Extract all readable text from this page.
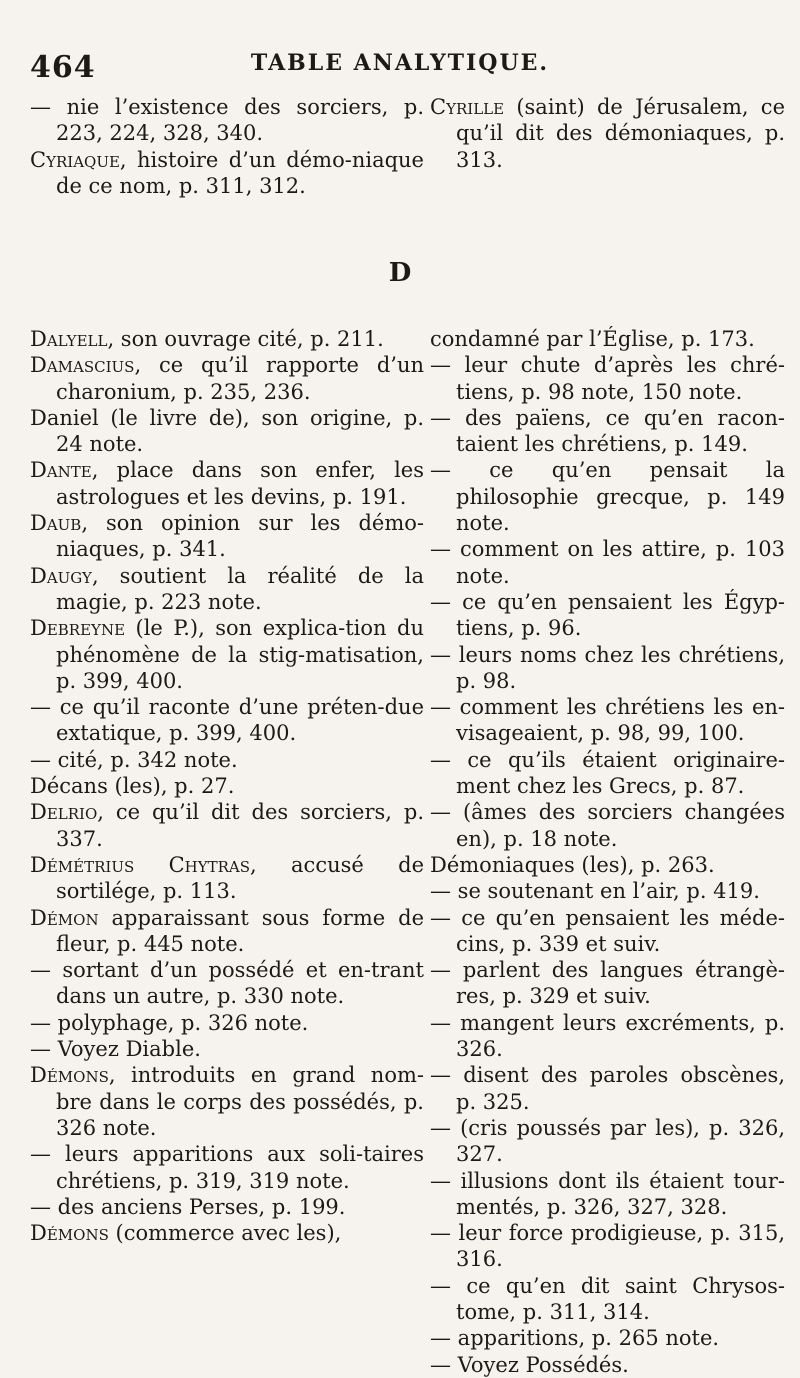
464	TABLE ANALYTIQUE.
— nie l’existence des sorciers, p. 223, 224, 328, 340.
Cyriaque, histoire d’un démo-niaque de ce nom, p. 311, 312.
Cyrille (saint) de Jérusalem, ce qu’il dit des démoniaques, p. 313.
D
Dalyell, son ouvrage cité, p. 211.
Damascius, ce qu’il rapporte d’un charonium, p. 235, 236.
Daniel (le livre de), son origine, p. 24 note.
Dante, place dans son enfer, les astrologues et les devins, p. 191.
Daub, son opinion sur les démo-niaques, p. 341.
Daugy, soutient la réalité de la magie, p. 223 note.
Debreyne (le P.), son explica-tion du phénomène de la stig-matisation, p. 399, 400.
— ce qu’il raconte d’une préten-due extatique, p. 399, 400.
— cité, p. 342 note.
Décans (les), p. 27.
Delrio, ce qu’il dit des sorciers, p. 337.
Démétrius Chytras, accusé de sortilége, p. 113.
Démon apparaissant sous forme de fleur, p. 445 note.
— sortant d’un possédé et en-trant dans un autre, p. 330 note.
— polyphage, p. 326 note.
— Voyez Diable.
Démons, introduits en grand nom-bre dans le corps des possédés, p. 326 note.
— leurs apparitions aux soli-taires chrétiens, p. 319, 319 note.
— des anciens Perses, p. 199.
Démons (commerce avec les),
condamné par l’Église, p. 173.
— leur chute d’après les chré-tiens, p. 98 note, 150 note.
— des païens, ce qu’en racon-taient les chrétiens, p. 149.
— ce qu’en pensait la philosophie grecque, p. 149 note.
— comment on les attire, p. 103 note.
— ce qu’en pensaient les Égyp-tiens, p. 96.
— leurs noms chez les chrétiens, p. 98.
— comment les chrétiens les en-visageaient, p. 98, 99, 100.
— ce qu’ils étaient originaire-ment chez les Grecs, p. 87.
— (âmes des sorciers changées en), p. 18 note.
Démoniaques (les), p. 263.
— se soutenant en l’air, p. 419.
— ce qu’en pensaient les méde-cins, p. 339 et suiv.
— parlent des langues étrangè-res, p. 329 et suiv.
— mangent leurs excréments, p. 326.
— disent des paroles obscènes, p. 325.
— (cris poussés par les), p. 326, 327.
— illusions dont ils étaient tour-mentés, p. 326, 327, 328.
— leur force prodigieuse, p. 315, 316.
— ce qu’en dit saint Chrysos-tome, p. 311, 314.
— apparitions, p. 265 note.
— Voyez Possédés.
